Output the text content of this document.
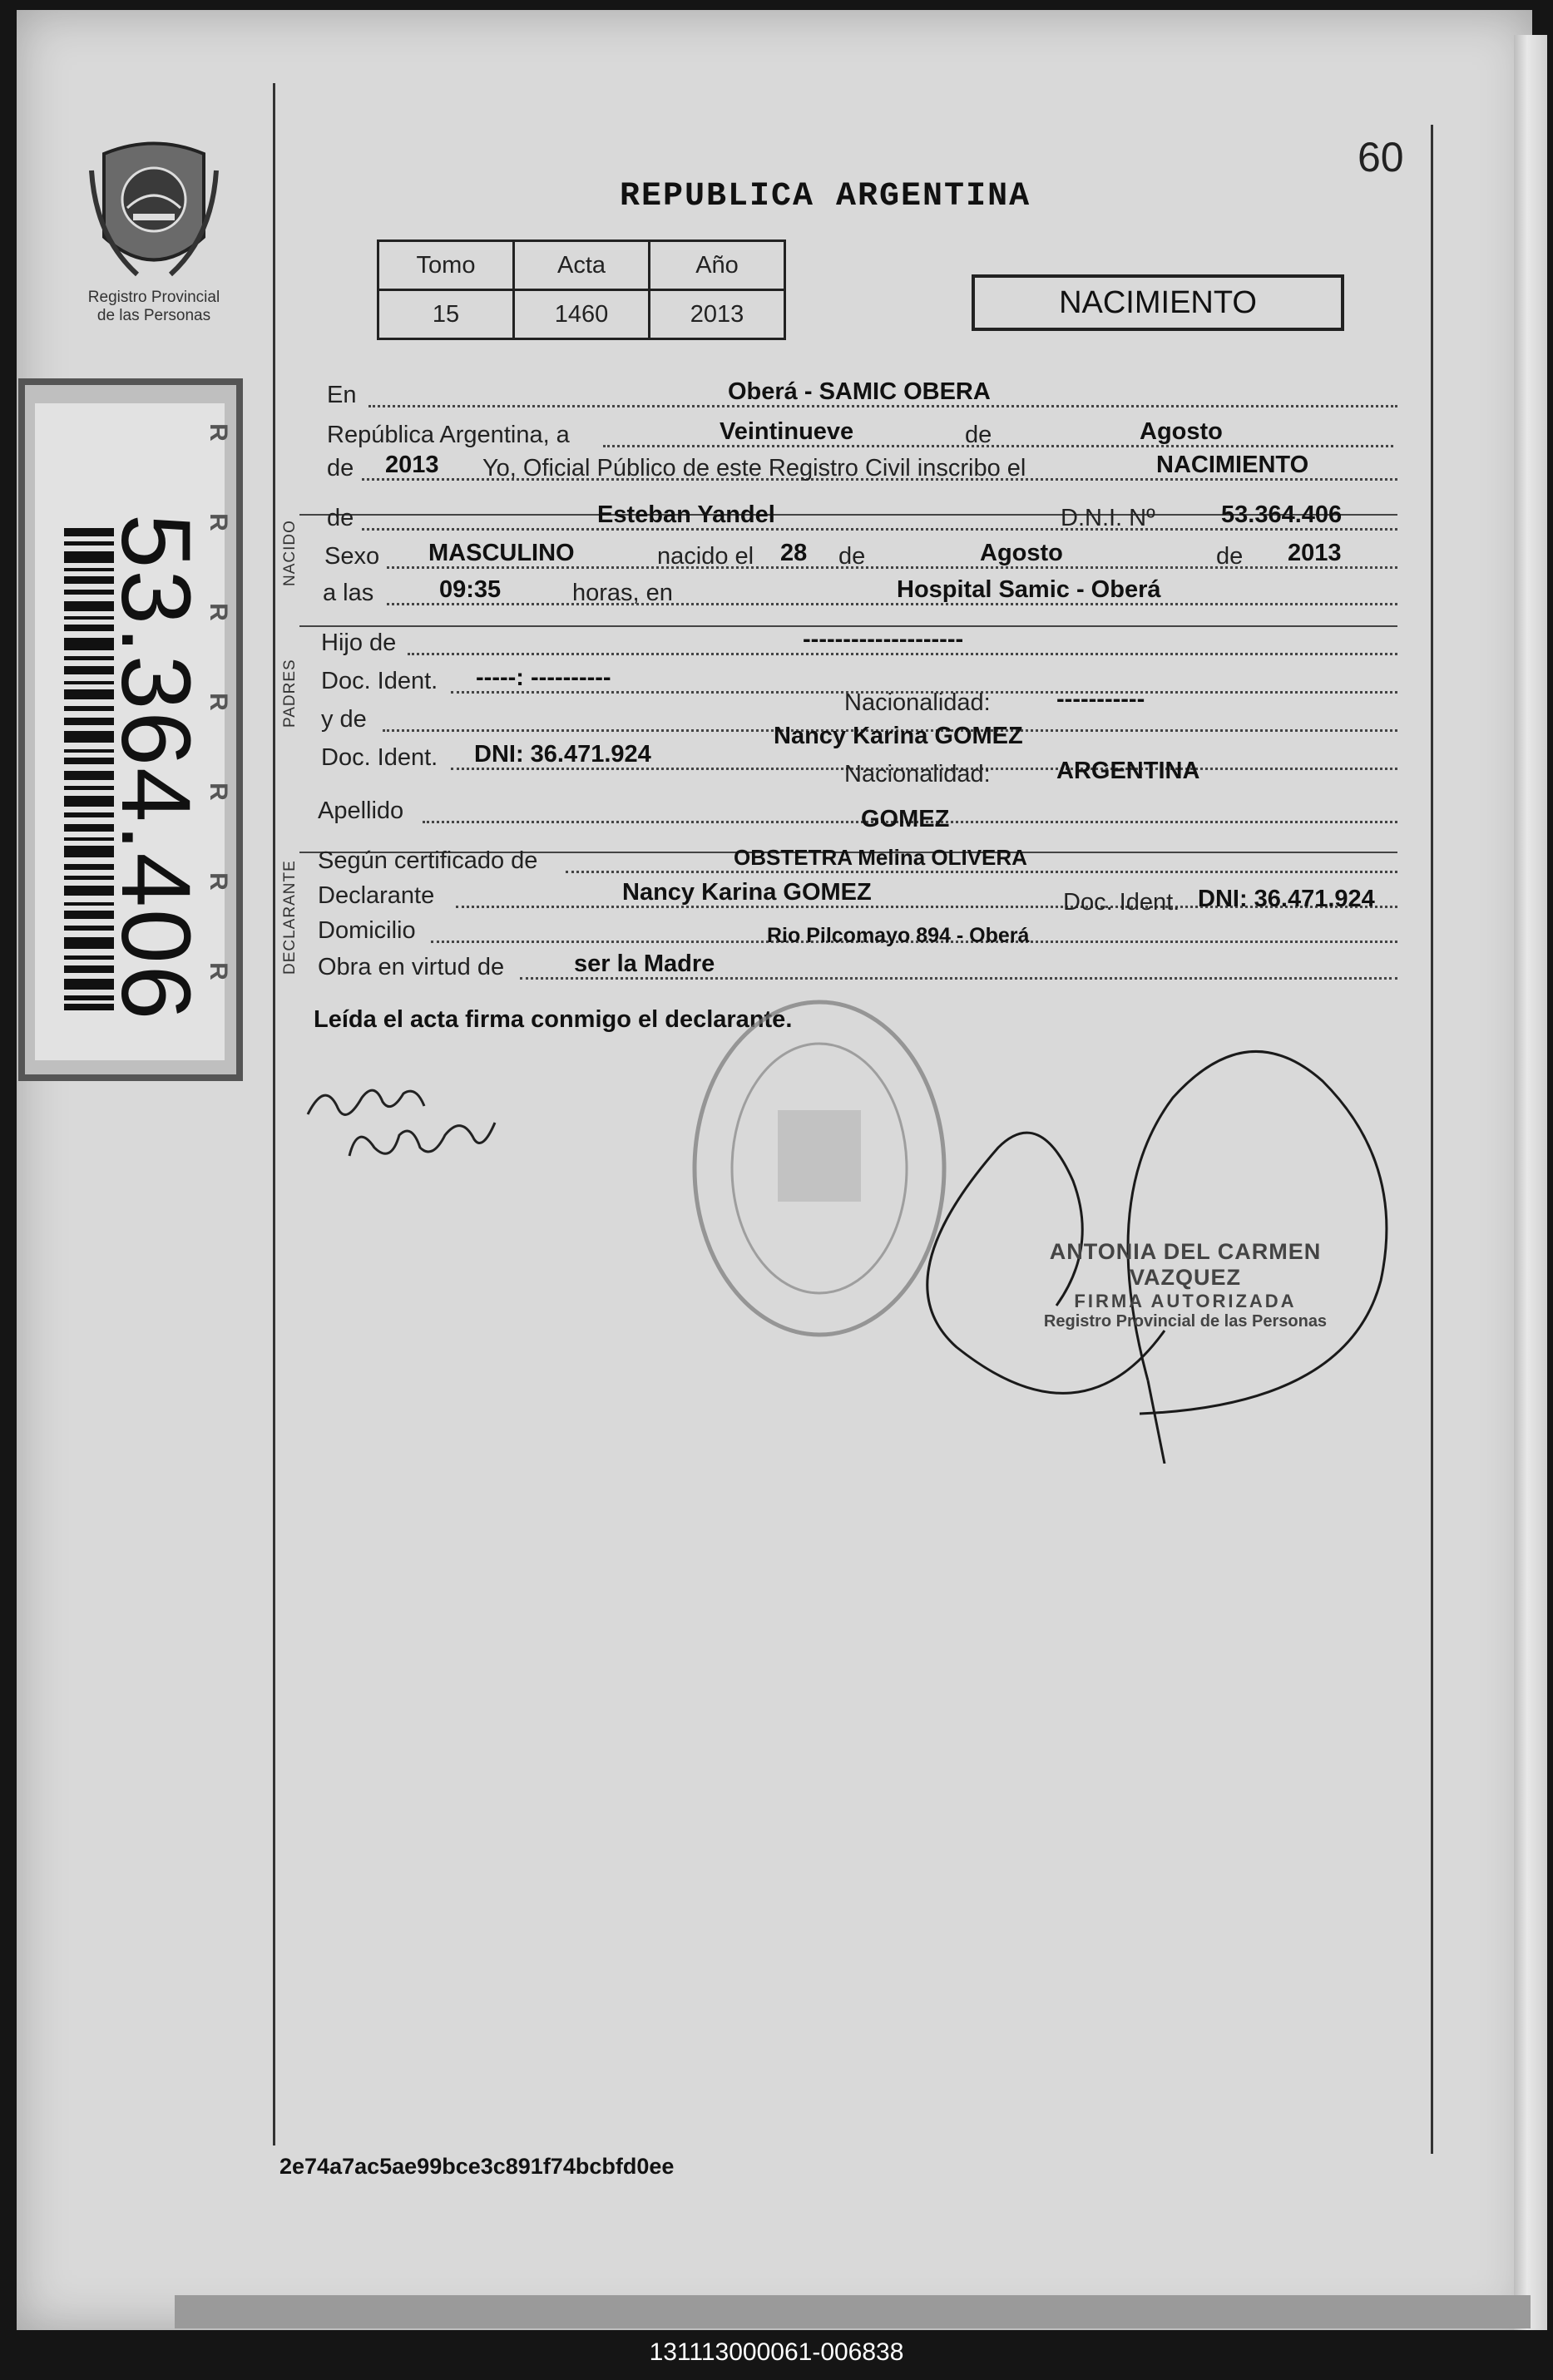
Registro Provincial
de las Personas
60
REPUBLICA ARGENTINA
Tomo	Acta	Año
15	1460	2013	NACIMIENTO
53.364.406
R
R
R
R
R
R
R
NACIDO
PADRES
DECLARANTE
En	Oberá - SAMIC OBERA
República Argentina, a	Veintinueve	de	Agosto
de 2013 Yo, Oficial Público de este Registro Civil inscribo el	NACIMIENTO
de	Esteban Yandel	D.N.I. Nº	53.364.406
Sexo MASCULINO	nacido el 28 de	Agosto	de 2013
a las	09:35	horas, en	Hospital Samic - Oberá
Hijo de	--------------------
Doc. Ident. -----: ----------
Nacionalidad:	-----------
y de
Nancy Karina GOMEZ
Doc. Ident. DNI: 36.471.924
Nacionalidad:	ARGENTINA
Apellido	GOMEZ
Según certificado de	OBSTETRA Melina OLIVERA
Declarante	Nancy Karina GOMEZ	Doc. Ident. DNI: 36.471.924
Domicilio	Rio Pilcomayo 894 - Oberá
Obra en virtud de	ser la Madre
Leída el acta firma conmigo el declarante.
ANTONIA DEL CARMEN VAZQUEZ
FIRMA AUTORIZADA
Registro Provincial de las Personas
2e74a7ac5ae99bce3c891f74bcbfd0ee
131113000061-006838
